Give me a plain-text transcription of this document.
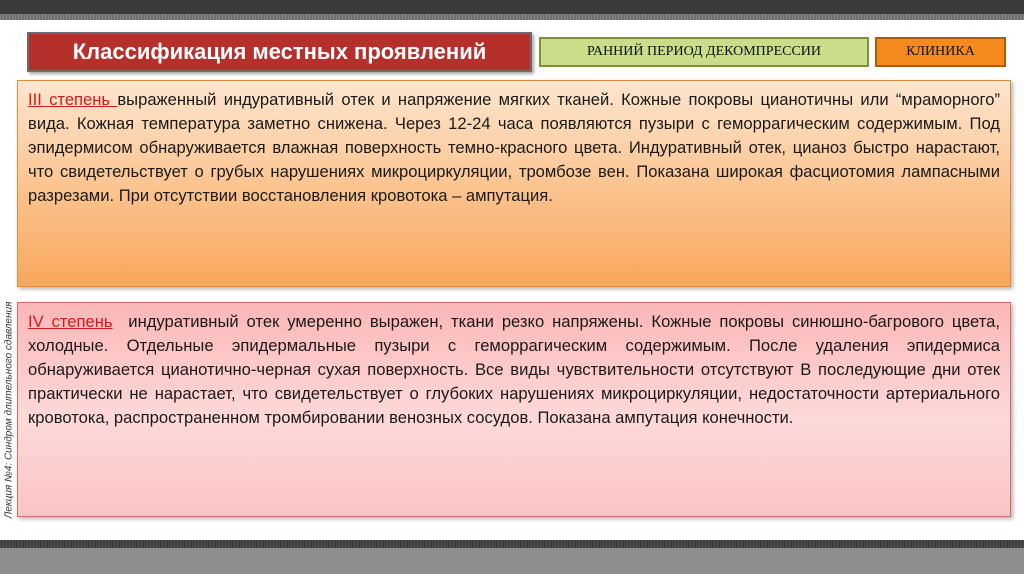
Лекция №4: Синдром длительного сдавления
Классификация местных проявлений	РАННИЙ ПЕРИОД ДЕКОМПРЕССИИ	КЛИНИКА
III степень выраженный индуративный отек и напряжение мягких тканей. Кожные покровы цианотичны или “мраморного” вида. Кожная температура заметно снижена. Через 12-24 часа появляются пузыри с геморрагическим содержимым. Под эпидермисом обнаруживается влажная поверхность темно-красного цвета. Индуративный отек, цианоз быстро нарастают, что свидетельствует о грубых нарушениях микроциркуляции, тромбозе вен. Показана широкая фасциотомия лампасными разрезами. При отсутствии восстановления кровотока – ампутация.
IV степень  индуративный отек умеренно выражен, ткани резко напряжены. Кожные покровы синюшно-багрового цвета, холодные. Отдельные эпидермальные пузыри с геморрагическим содержимым. После удаления эпидермиса обнаруживается цианотично-черная сухая поверхность. Все виды чувствительности отсутствуют В последующие дни отек практически не нарастает, что свидетельствует о глубоких нарушениях микроциркуляции, недостаточности артериального кровотока, распространенном тромбировании венозных сосудов. Показана ампутация конечности.
